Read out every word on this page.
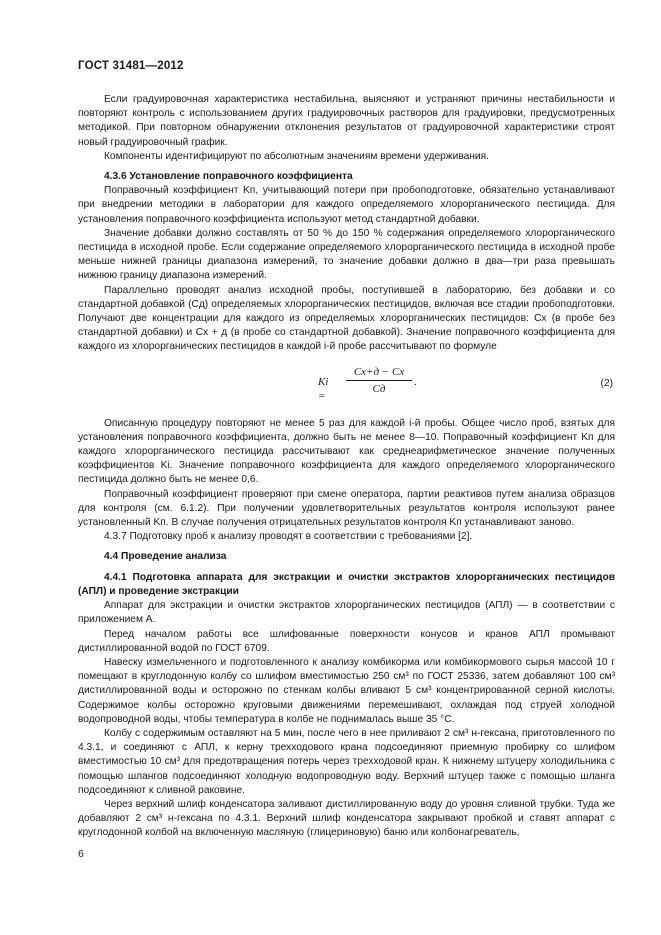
ГОСТ 31481—2012

Если градуировочная характеристика нестабильна, выясняют и устраняют причины нестабильности и повторяют контроль с использованием других градуировочных растворов для градуировки, предусмотренных методикой. При повторном обнаружении отклонения результатов от градуировочной характеристики строят новый градуировочный график.

Компоненты идентифицируют по абсолютным значениям времени удерживания.

4.3.6 Установление поправочного коэффициента

Поправочный коэффициент Kп, учитывающий потери при пробоподготовке, обязательно устанавливают при внедрении методики в лаборатории для каждого определяемого хлорорганического пестицида. Для установления поправочного коэффициента используют метод стандартной добавки.

Значение добавки должно составлять от 50 % до 150 % содержания определяемого хлорорганического пестицида в исходной пробе. Если содержание определяемого хлорорганического пестицида в исходной пробе меньше нижней границы диапазона измерений, то значение добавки должно в два—три раза превышать нижнюю границу диапазона измерений.

Параллельно проводят анализ исходной пробы, поступившей в лабораторию, без добавки и со стандартной добавкой (Cд) определяемых хлорорганических пестицидов, включая все стадии пробоподготовки. Получают две концентрации для каждого из определяемых хлорорганических пестицидов: Cx (в пробе без стандартной добавки) и Cx + д (в пробе со стандартной добавкой). Значение поправочного коэффициента для каждого из хлорорганических пестицидов в каждой i-й пробе рассчитывают по формуле

Ki =
Cx+д − Cx
Cд
.	(2)

Описанную процедуру повторяют не менее 5 раз для каждой i-й пробы. Общее число проб, взятых для установления поправочного коэффициента, должно быть не менее 8—10. Поправочный коэффициент Kп для каждого хлорорганического пестицида рассчитывают как среднеарифметическое значение полученных коэффициентов Ki. Значение поправочного коэффициента для каждого определяемого хлорорганического пестицида должно быть не менее 0,6.

Поправочный коэффициент проверяют при смене оператора, партии реактивов путем анализа образцов для контроля (см. 6.1.2). При получении удовлетворительных результатов контроля используют ранее установленный Kп. В случае получения отрицательных результатов контроля Kп устанавливают заново.

4.3.7 Подготовку проб к анализу проводят в соответствии с требованиями [2].

4.4 Проведение анализа

4.4.1 Подготовка аппарата для экстракции и очистки экстрактов хлорорганических пестицидов (АПЛ) и проведение экстракции

Аппарат для экстракции и очистки экстрактов хлорорганических пестицидов (АПЛ) — в соответствии с приложением А.

Перед началом работы все шлифованные поверхности конусов и кранов АПЛ промывают дистиллированной водой по ГОСТ 6709.

Навеску измельченного и подготовленного к анализу комбикорма или комбикормового сырья массой 10 г помещают в круглодонную колбу со шлифом вместимостью 250 см³ по ГОСТ 25336, затем добавляют 100 см³ дистиллированной воды и осторожно по стенкам колбы вливают 5 см³ концентрированной серной кислоты. Содержимое колбы осторожно круговыми движениями перемешивают, охлаждая под струей холодной водопроводной воды, чтобы температура в колбе не поднималась выше 35 °C.

Колбу с содержимым оставляют на 5 мин, после чего в нее приливают 2 см³ н-гексана, приготовленного по 4.3.1, и соединяют с АПЛ, к керну трехходового крана подсоединяют приемную пробирку со шлифом вместимостью 10 см³ для предотвращения потерь через трехходовой кран. К нижнему штуцеру холодильника с помощью шлангов подсоединяют холодную водопроводную воду. Верхний штуцер также с помощью шланга подсоединяют к сливной раковине.

Через верхний шлиф конденсатора заливают дистиллированную воду до уровня сливной трубки. Туда же добавляют 2 см³ н-гексана по 4.3.1. Верхний шлиф конденсатора закрывают пробкой и ставят аппарат с круглодонной колбой на включенную масляную (глицериновую) баню или колбонагреватель,

6
